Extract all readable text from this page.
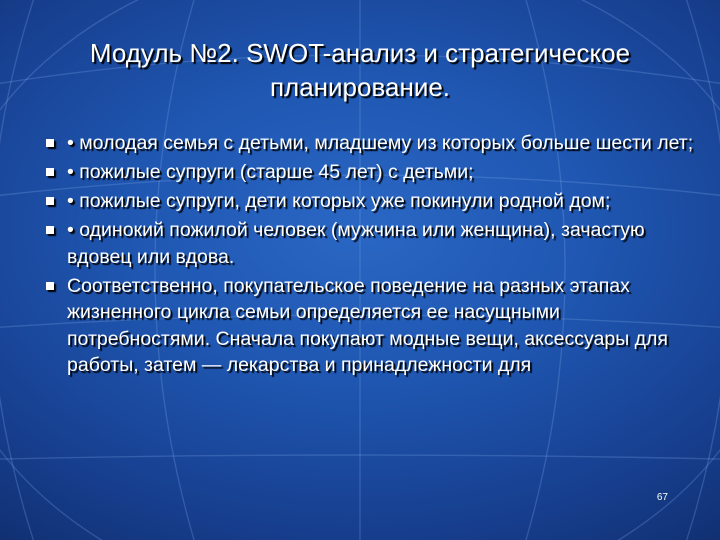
Модуль №2. SWOT-анализ и стратегическое
планирование.
• молодая семья с детьми, младшему из которых больше шести лет;
• пожилые супруги (старше 45 лет) с детьми;
• пожилые супруги, дети которых уже покинули родной дом;
• одинокий пожилой человек (мужчина или женщина), зачастую вдовец или вдова.
Соответственно, покупательское поведение на разных этапах жизненного цикла семьи определяется ее насущными потребностями. Сначала покупают модные вещи, аксессуары для работы, затем — лекарства и принадлежности для
67
